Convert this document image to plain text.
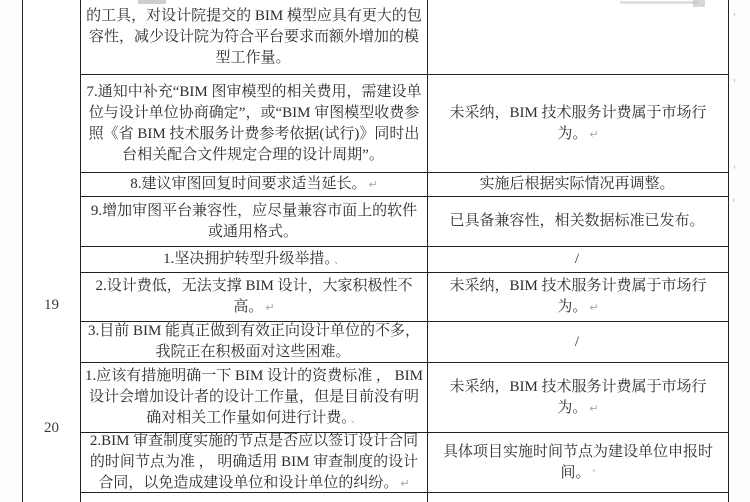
的工具，对设计院提交的 BIM 模型应具有更大的包容性，减少设计院为符合平台要求而额外增加的模型工作量。

7.通知中补充“BIM 图审模型的相关费用，需建设单位与设计单位协商确定”，或“BIM 审图模型收费参照《省 BIM 技术服务计费参考依据(试行)》同时出台相关配合文件规定合理的设计周期”。

未采纳，BIM 技术服务计费属于市场行为。 ↵

8.建议审图回复时间要求适当延长。 ↵	实施后根据实际情况再调整。

9.增加审图平台兼容性，应尽量兼容市面上的软件或通用格式。

已具备兼容性，相关数据标准已发布。

19

1.坚决拥护转型升级举措。 、	/

2.设计费低，无法支撑 BIM 设计，大家积极性不高。 ↵

未采纳，BIM 技术服务计费属于市场行为。 ↵

3.目前 BIM 能真正做到有效正向设计单位的不多，我院正在积极面对这些困难。

/

20

1.应该有措施明确一下 BIM 设计的资费标准 ， BIM 设计会增加设计者的设计工作量，但是目前没有明确对相关工作量如何进行计费。 、

未采纳，BIM 技术服务计费属于市场行为。 ↵

2.BIM 审查制度实施的节点是否应以签订设计合同的时间节点为准 ， 明确适用 BIM 审查制度的设计合同，以免造成建设单位和设计单位的纠纷。 ↵

具体项目实施时间节点为建设单位申报时间。 '

'
'
'
'
